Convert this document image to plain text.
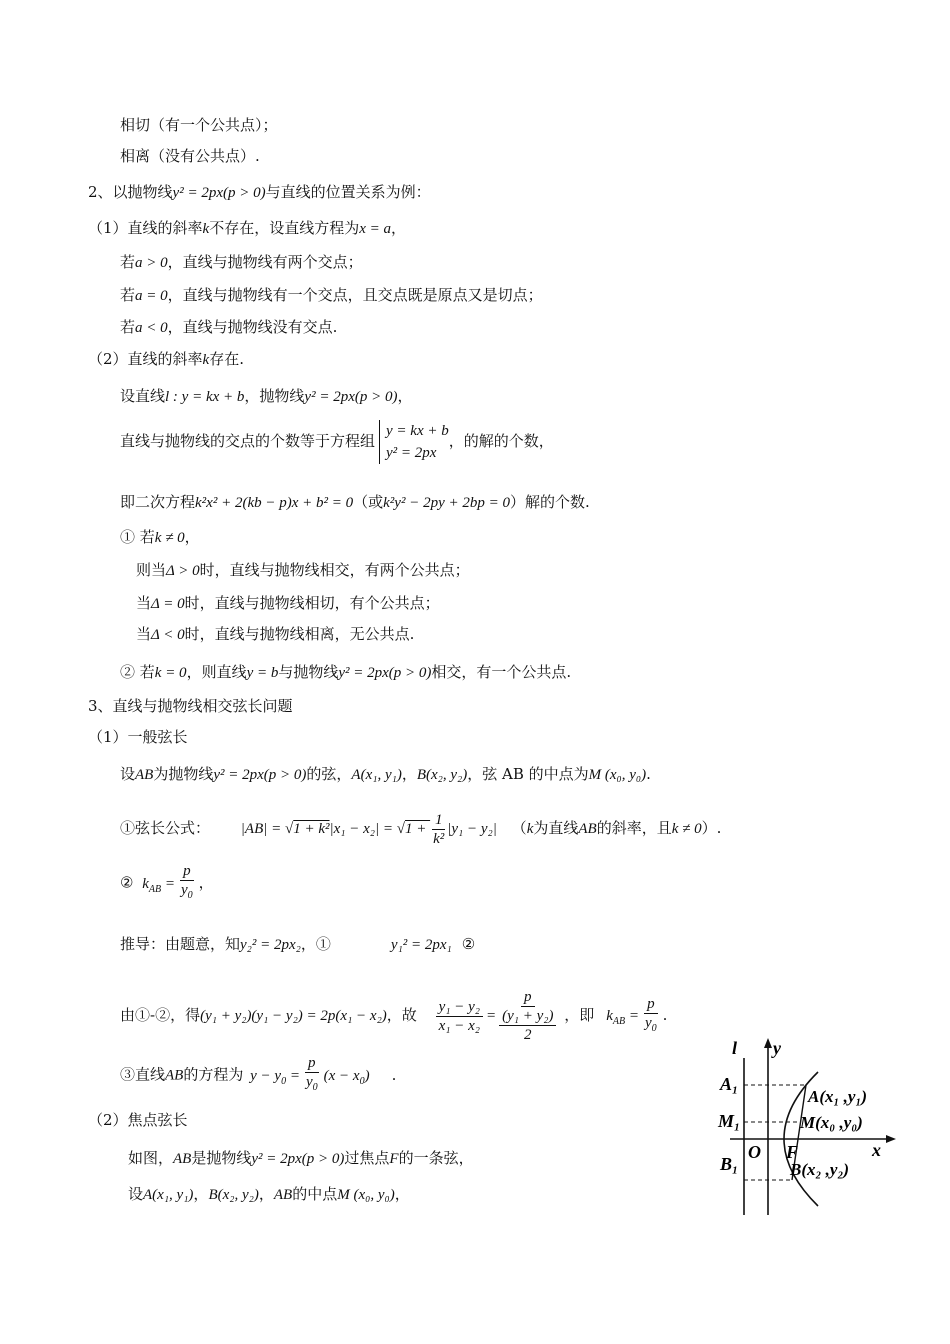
相切（有一个公共点）；
相离（没有公共点）.
2、以抛物线y² = 2px(p > 0)与直线的位置关系为例：
（1）直线的斜率k不存在，设直线方程为x = a，
若a > 0，直线与抛物线有两个交点；
若a = 0，直线与抛物线有一个交点，且交点既是原点又是切点；
若a < 0，直线与抛物线没有交点.
（2）直线的斜率k存在.
设直线l : y = kx + b，抛物线y² = 2px(p > 0)，
直线与抛物线的交点的个数等于方程组
y = kx + b
y² = 2px
，的解的个数，
即二次方程k²x² + 2(kb − p)x + b² = 0（或k²y² − 2py + 2bp = 0）解的个数.
① 若k ≠ 0，
则当Δ > 0时，直线与抛物线相交，有两个公共点；
当Δ = 0时，直线与抛物线相切，有个公共点；
当Δ < 0时，直线与抛物线相离，无公共点.
② 若k = 0，则直线y = b与抛物线y² = 2px(p > 0)相交，有一个公共点.
3、直线与抛物线相交弦长问题
（1）一般弦长
设AB为抛物线y² = 2px(p > 0)的弦，A(x₁, y₁)，B(x₂, y₂)，弦 AB 的中点为M (x₀, y₀).
①弦长公式： $|AB| = √1 + k^2|x_1 - x_2| = √1 + \frac{1}{\text{k²}} |y_1 - y_2|$ （k为直线AB的斜率，且k ≠ 0）.
② $k_{AB} = \frac{p}{y_0}$ ，
推导：由题意，知y₂² = 2px₂，①	y₁² = 2px₁ ②
由①-②，得(y₁ + y₂)(y₁ − y₂) = 2p(x₁ − x₂)，故 $\frac{\text{y₁ − y₂}}{\text{x₁ − x₂}}$ =
p
(y₁ + y₂)
2
，即 $k_{AB} = \frac{p}{y_0}$ .
③直线AB的方程为 $y - y_0 = \frac{p}{y_0} (x - x_0)$ .
（2）焦点弦长
如图，AB是抛物线y² = 2px(p > 0)过焦点F的一条弦，
设A(x₁, y₁)，B(x₂, y₂)，AB的中点M (x₀, y₀)，
l y
x
A₁
M₁
B₁
O F
A(x₁ ,y₁)
M(x₀ ,y₀)
B(x₂ ,y₂)
